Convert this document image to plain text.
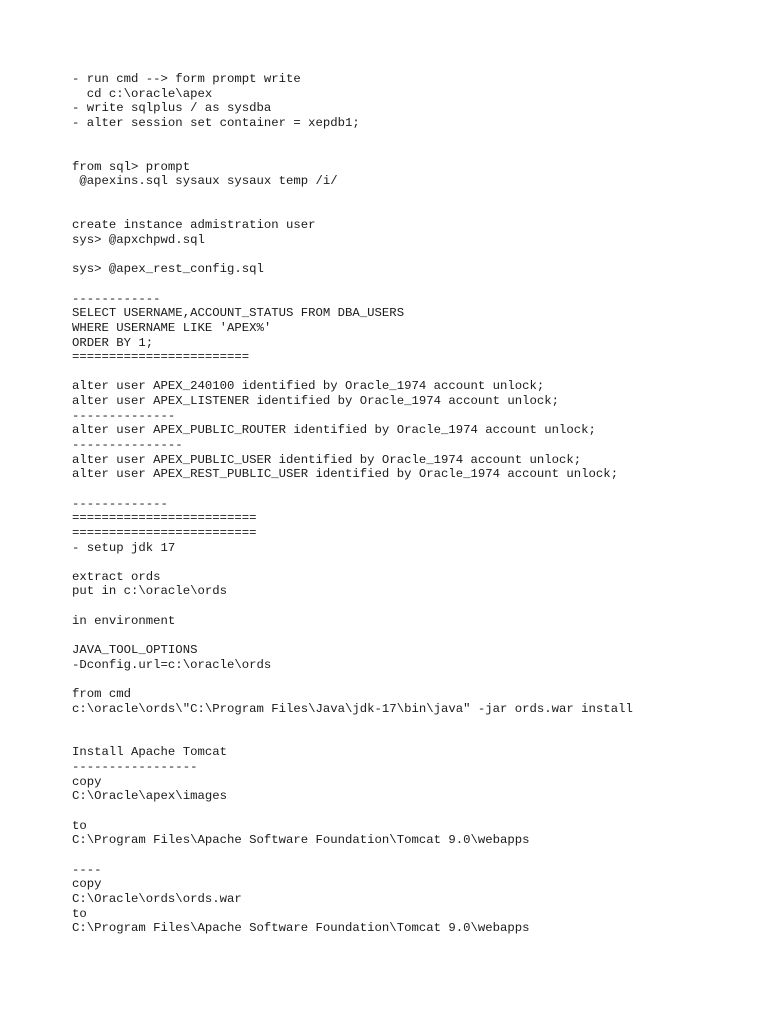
- run cmd --> form prompt write
cd c:\oracle\apex
- write sqlplus / as sysdba
- alter session set container = xepdb1;
from sql> prompt
@apexins.sql sysaux sysaux temp /i/
create instance admistration user
sys> @apxchpwd.sql
sys> @apex_rest_config.sql
------------
SELECT USERNAME,ACCOUNT_STATUS FROM DBA_USERS
WHERE USERNAME LIKE 'APEX%'
ORDER BY 1;
========================
alter user APEX_240100 identified by Oracle_1974 account unlock;
alter user APEX_LISTENER identified by Oracle_1974 account unlock;
--------------
alter user APEX_PUBLIC_ROUTER identified by Oracle_1974 account unlock;
---------------
alter user APEX_PUBLIC_USER identified by Oracle_1974 account unlock;
alter user APEX_REST_PUBLIC_USER identified by Oracle_1974 account unlock;
-------------
=========================
=========================
- setup jdk 17
extract ords
put in c:\oracle\ords
in environment
JAVA_TOOL_OPTIONS
-Dconfig.url=c:\oracle\ords
from cmd
c:\oracle\ords\"C:\Program Files\Java\jdk-17\bin\java" -jar ords.war install
Install Apache Tomcat
-----------------
copy
C:\Oracle\apex\images
to
C:\Program Files\Apache Software Foundation\Tomcat 9.0\webapps
----
copy
C:\Oracle\ords\ords.war
to
C:\Program Files\Apache Software Foundation\Tomcat 9.0\webapps
